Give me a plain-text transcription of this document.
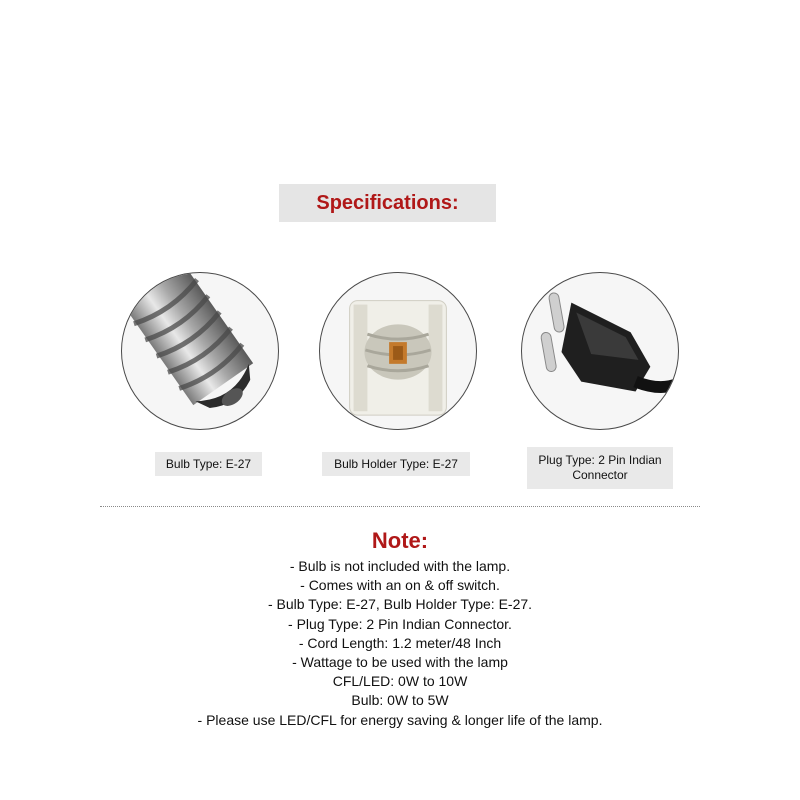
Specifications:
Bulb Type: E-27	Bulb Holder Type: E-27	Plug Type: 2 Pin Indian
Connector
Note:
- Bulb is not included with the lamp.
- Comes with an on & off switch.
- Bulb Type: E-27, Bulb Holder Type: E-27.
- Plug Type: 2 Pin Indian Connector.
- Cord Length: 1.2 meter/48 Inch
- Wattage to be used with the lamp
CFL/LED: 0W to 10W
Bulb: 0W to 5W
- Please use LED/CFL for energy saving & longer life of the lamp.
